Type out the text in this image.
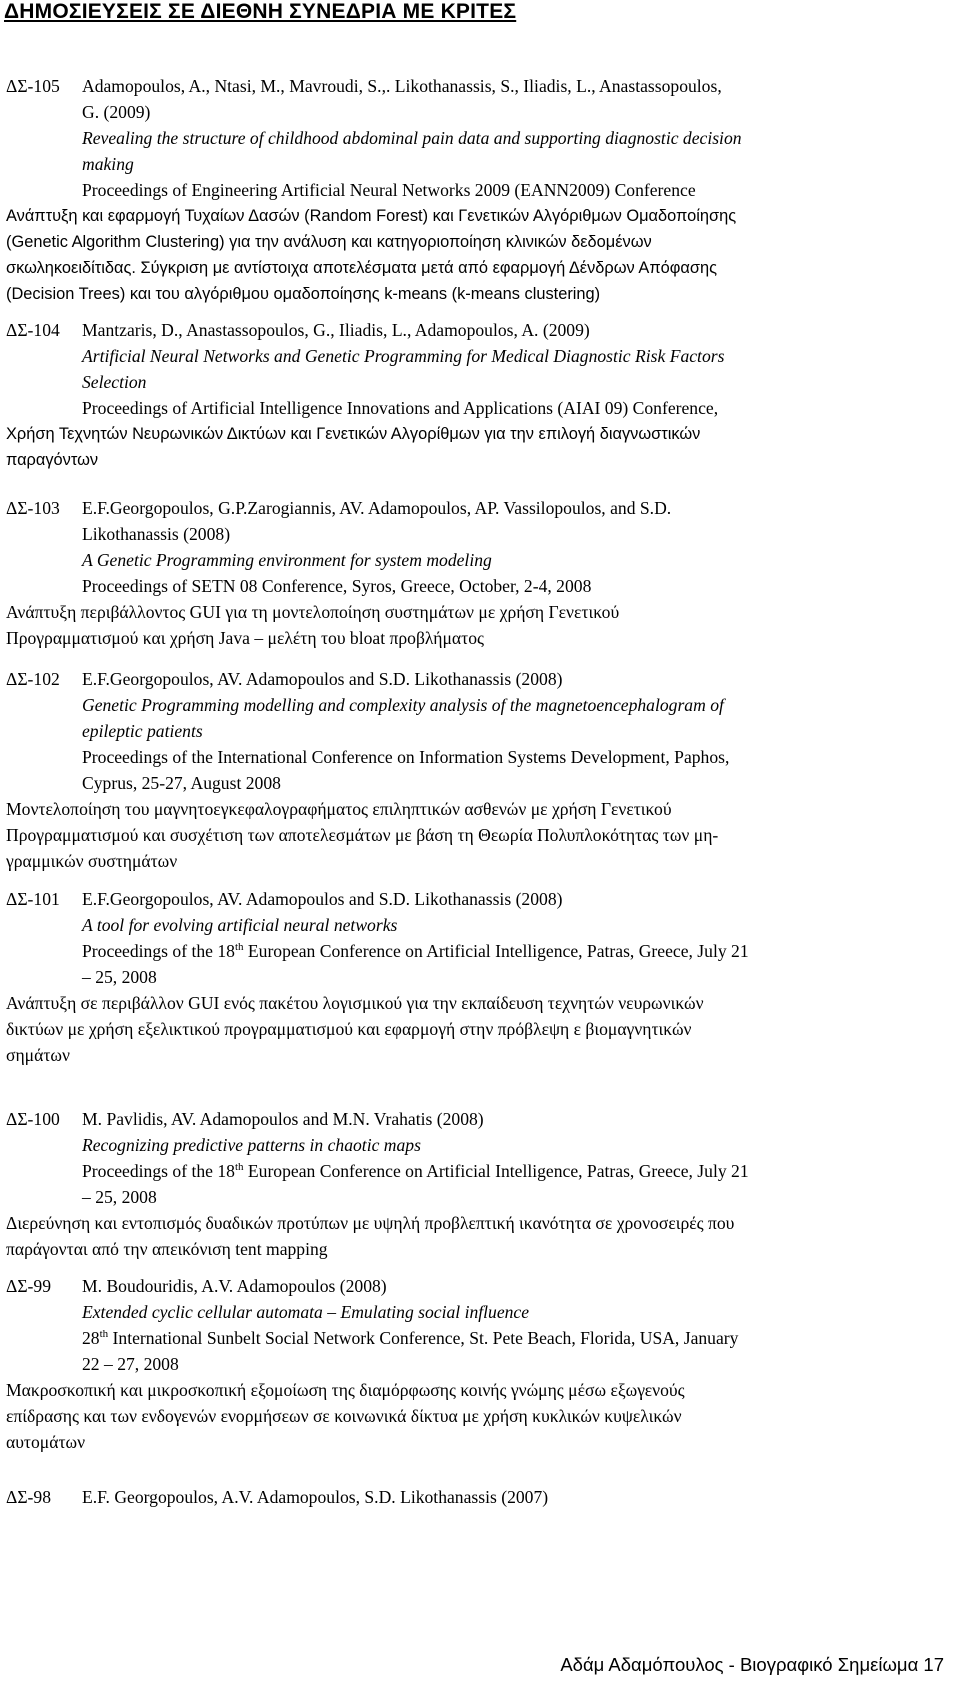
ΔΗΜΟΣΙΕΥΣΕΙΣ ΣΕ ΔΙΕΘΝΗ ΣΥΝΕΔΡΙΑ ΜΕ ΚΡΙΤΕΣ
ΔΣ-105	Adamopoulos, A., Ntasi, M., Mavroudi, S.,. Likothanassis, S., Iliadis, L., Anastassopoulos,
G. (2009)
Revealing the structure of childhood abdominal pain data and supporting diagnostic decision
making
Proceedings of Engineering Artificial Neural Networks 2009 (EANN2009) Conference
Ανάπτυξη και εφαρμογή Τυχαίων Δασών (Random Forest) και Γενετικών Αλγόριθμων Ομαδοποίησης
(Genetic Algorithm Clustering) για την ανάλυση και κατηγοριοποίηση κλινικών δεδομένων
σκωληκοειδίτιδας. Σύγκριση με αντίστοιχα αποτελέσματα μετά από εφαρμογή Δένδρων Απόφασης
(Decision Trees) και του αλγόριθμου ομαδοποίησης k-means (k-means clustering)
ΔΣ-104	Mantzaris, D., Anastassopoulos, G., Iliadis, L., Adamopoulos, A. (2009)
Artificial Neural Networks and Genetic Programming for Medical Diagnostic Risk Factors
Selection
Proceedings of Artificial Intelligence Innovations and Applications (AIAI 09) Conference,
Χρήση Τεχνητών Νευρωνικών Δικτύων και Γενετικών Αλγορίθμων για την επιλογή διαγνωστικών
παραγόντων
ΔΣ-103	E.F.Georgopoulos, G.P.Zarogiannis, AV. Adamopoulos, AP. Vassilopoulos, and S.D.
Likothanassis (2008)
A Genetic Programming environment for system modeling
Proceedings of SETN 08 Conference, Syros, Greece, October, 2-4, 2008
Ανάπτυξη περιβάλλοντος GUI για τη μοντελοποίηση συστημάτων με χρήση Γενετικού
Προγραμματισμού και χρήση Java – μελέτη του bloat προβλήματος
ΔΣ-102	E.F.Georgopoulos, AV. Adamopoulos and S.D. Likothanassis (2008)
Genetic Programming modelling and complexity analysis of the magnetoencephalogram of
epileptic patients
Proceedings of the International Conference on Information Systems Development, Paphos,
Cyprus, 25-27, August 2008
Μοντελοποίηση του μαγνητοεγκεφαλογραφήματος επιληπτικών ασθενών με χρήση Γενετικού
Προγραμματισμού και συσχέτιση των αποτελεσμάτων με βάση τη Θεωρία Πολυπλοκότητας των μη-
γραμμικών συστημάτων
ΔΣ-101	E.F.Georgopoulos, AV. Adamopoulos and S.D. Likothanassis (2008)
A tool for evolving artificial neural networks
Proceedings of the 18th European Conference on Artificial Intelligence, Patras, Greece, July 21
– 25, 2008
Ανάπτυξη σε περιβάλλον GUI ενός πακέτου λογισμικού για την εκπαίδευση τεχνητών νευρωνικών
δικτύων με χρήση εξελικτικού προγραμματισμού και εφαρμογή στην πρόβλεψη ε βιομαγνητικών
σημάτων
ΔΣ-100	M. Pavlidis, AV. Adamopoulos and M.N. Vrahatis (2008)
Recognizing predictive patterns in chaotic maps
Proceedings of the 18th European Conference on Artificial Intelligence, Patras, Greece, July 21
– 25, 2008
Διερεύνηση και εντοπισμός δυαδικών προτύπων με υψηλή προβλεπτική ικανότητα σε χρονοσειρές που
παράγονται από την απεικόνιση tent mapping
ΔΣ-99	M. Boudouridis, A.V. Adamopoulos (2008)
Extended cyclic cellular automata – Emulating social influence
28th International Sunbelt Social Network Conference, St. Pete Beach, Florida, USA, January
22 – 27, 2008
Μακροσκοπική και μικροσκοπική εξομοίωση της διαμόρφωσης κοινής γνώμης μέσω εξωγενούς
επίδρασης και των ενδογενών ενορμήσεων σε κοινωνικά δίκτυα με χρήση κυκλικών κυψελικών
αυτομάτων
ΔΣ-98	E.F. Georgopoulos, A.V. Adamopoulos, S.D. Likothanassis (2007)
Αδάμ Αδαμόπουλος - Βιογραφικό Σημείωμα 17
